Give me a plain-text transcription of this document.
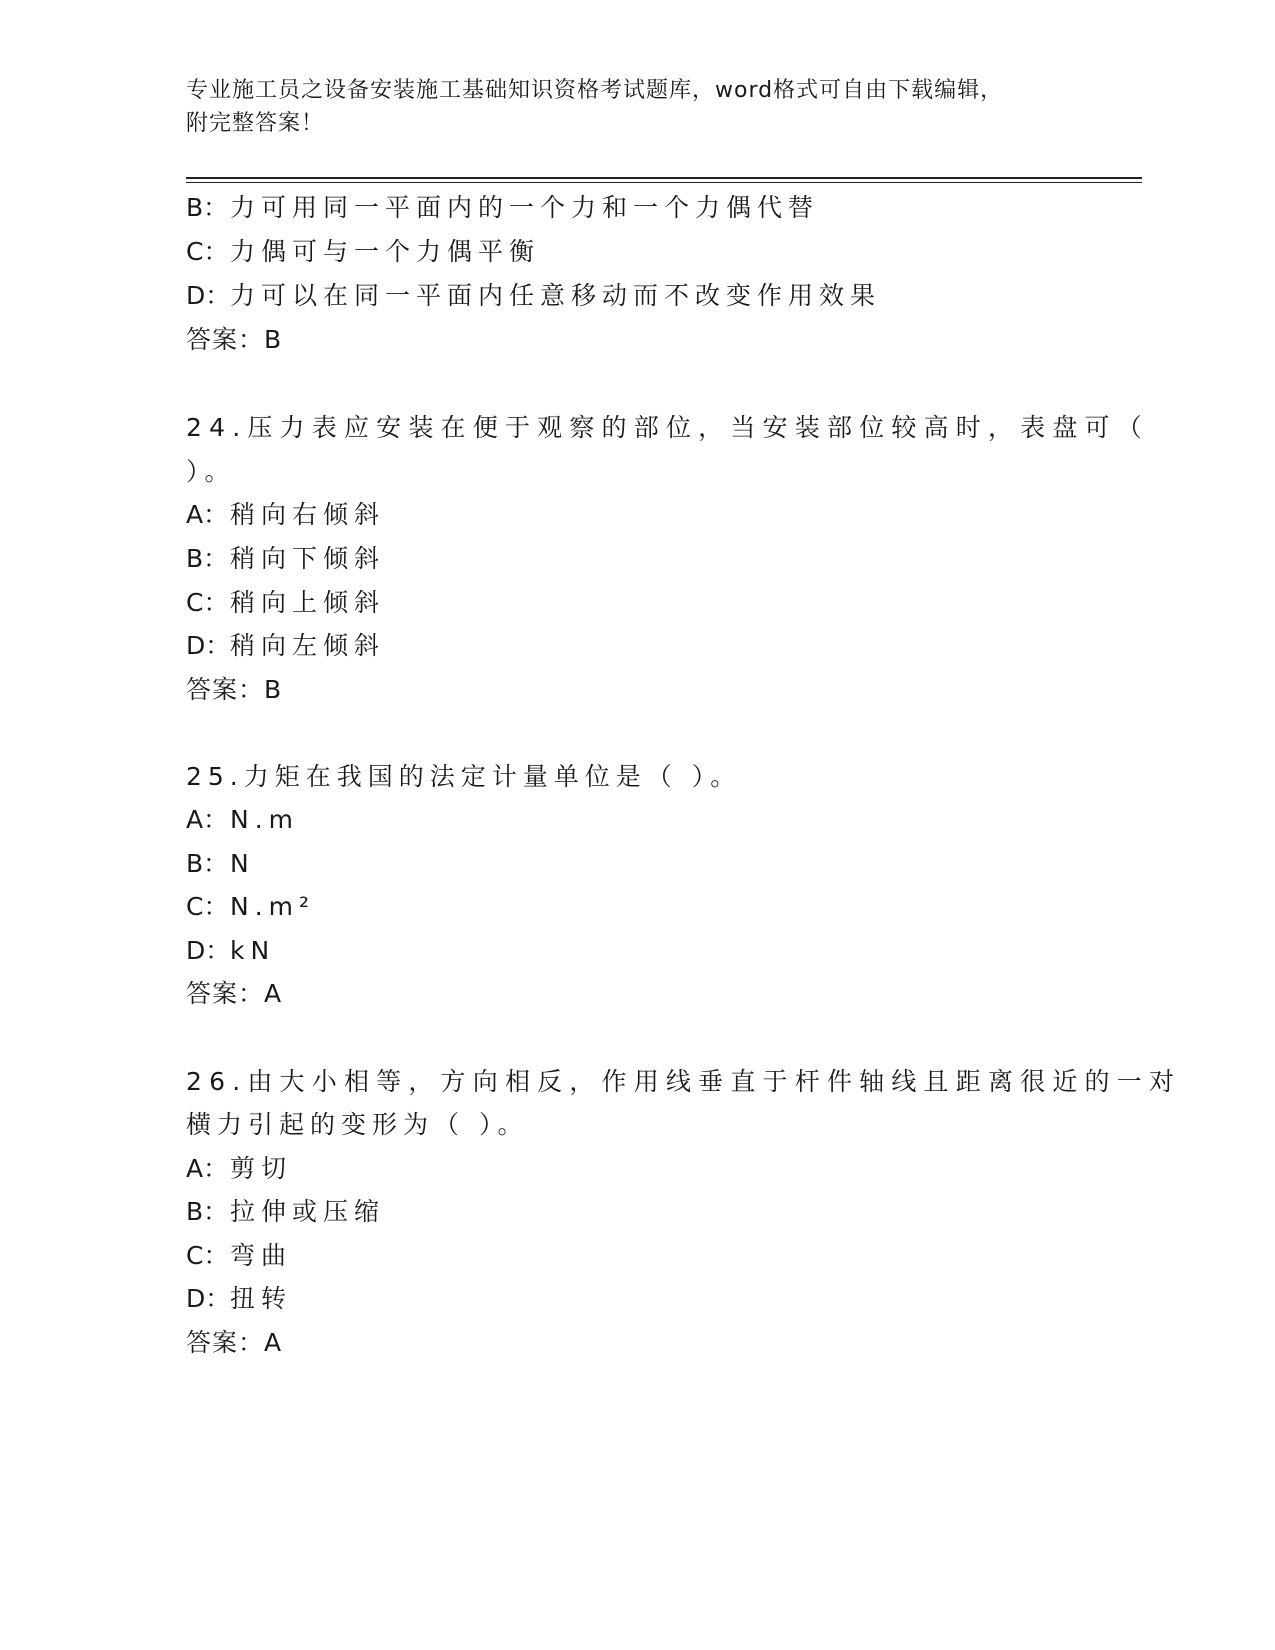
专业施工员之设备安装施工基础知识资格考试题库，word格式可自由下载编辑，
附完整答案！
B：力可用同一平面内的一个力和一个力偶代替
C：力偶可与一个力偶平衡
D：力可以在同一平面内任意移动而不改变作用效果
答案：B
24.压力表应安装在便于观察的部位，当安装部位较高时，表盘可（
）。
A：稍向右倾斜
B：稍向下倾斜
C：稍向上倾斜
D：稍向左倾斜
答案：B
25.力矩在我国的法定计量单位是（ ）。
A：N.m
B：N
C：N.m²
D：kN
答案：A
26.由大小相等，方向相反，作用线垂直于杆件轴线且距离很近的一对
横力引起的变形为（ ）。
A：剪切
B：拉伸或压缩
C：弯曲
D：扭转
答案：A
